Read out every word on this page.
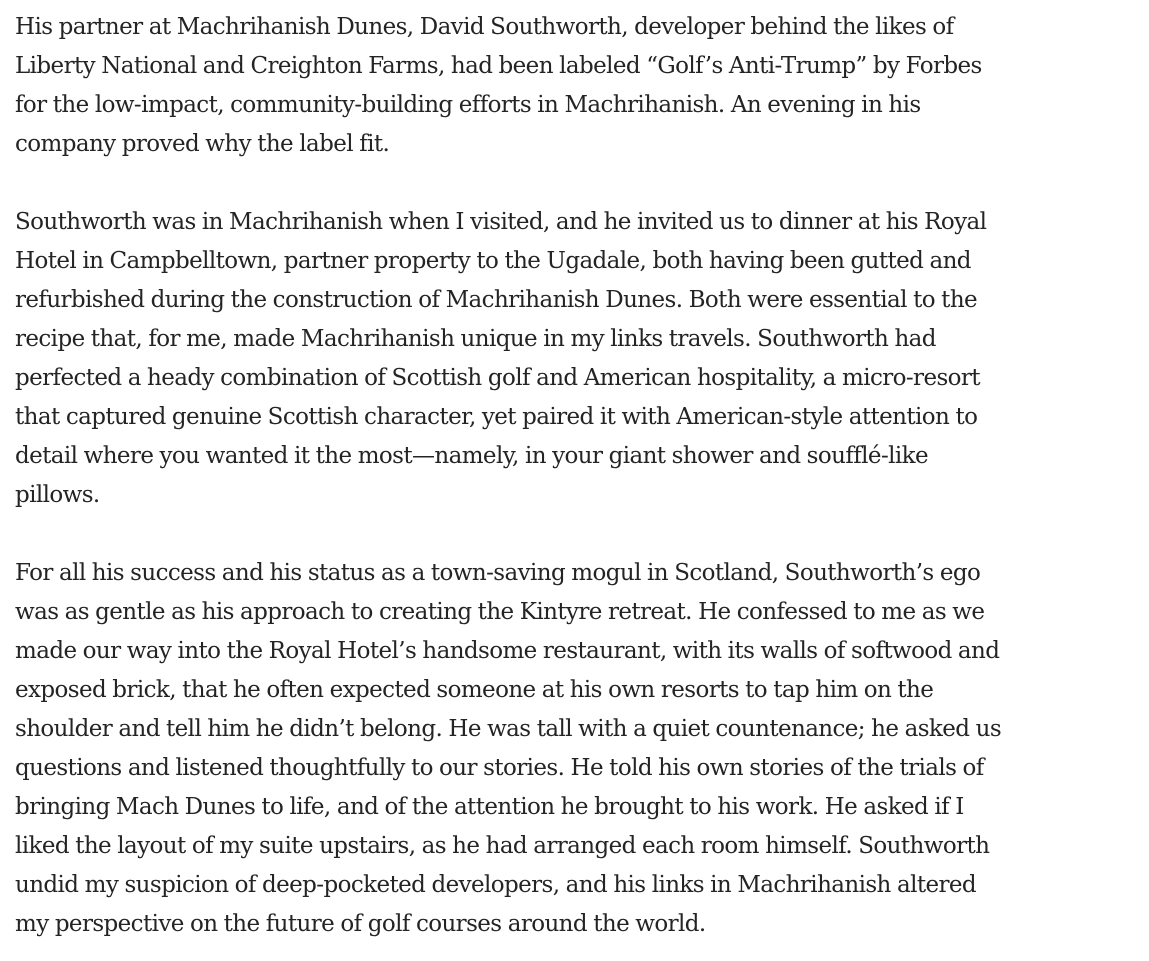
His partner at Machrihanish Dunes, David Southworth, developer behind the likes of
Liberty National and Creighton Farms, had been labeled “Golf’s Anti-Trump” by Forbes
for the low-impact, community-building efforts in Machrihanish. An evening in his
company proved why the label fit.

Southworth was in Machrihanish when I visited, and he invited us to dinner at his Royal
Hotel in Campbelltown, partner property to the Ugadale, both having been gutted and
refurbished during the construction of Machrihanish Dunes. Both were essential to the
recipe that, for me, made Machrihanish unique in my links travels. Southworth had
perfected a heady combination of Scottish golf and American hospitality, a micro-resort
that captured genuine Scottish character, yet paired it with American-style attention to
detail where you wanted it the most—namely, in your giant shower and soufflé-like
pillows.

For all his success and his status as a town-saving mogul in Scotland, Southworth’s ego
was as gentle as his approach to creating the Kintyre retreat. He confessed to me as we
made our way into the Royal Hotel’s handsome restaurant, with its walls of softwood and
exposed brick, that he often expected someone at his own resorts to tap him on the
shoulder and tell him he didn’t belong. He was tall with a quiet countenance; he asked us
questions and listened thoughtfully to our stories. He told his own stories of the trials of
bringing Mach Dunes to life, and of the attention he brought to his work. He asked if I
liked the layout of my suite upstairs, as he had arranged each room himself. Southworth
undid my suspicion of deep-pocketed developers, and his links in Machrihanish altered
my perspective on the future of golf courses around the world.
